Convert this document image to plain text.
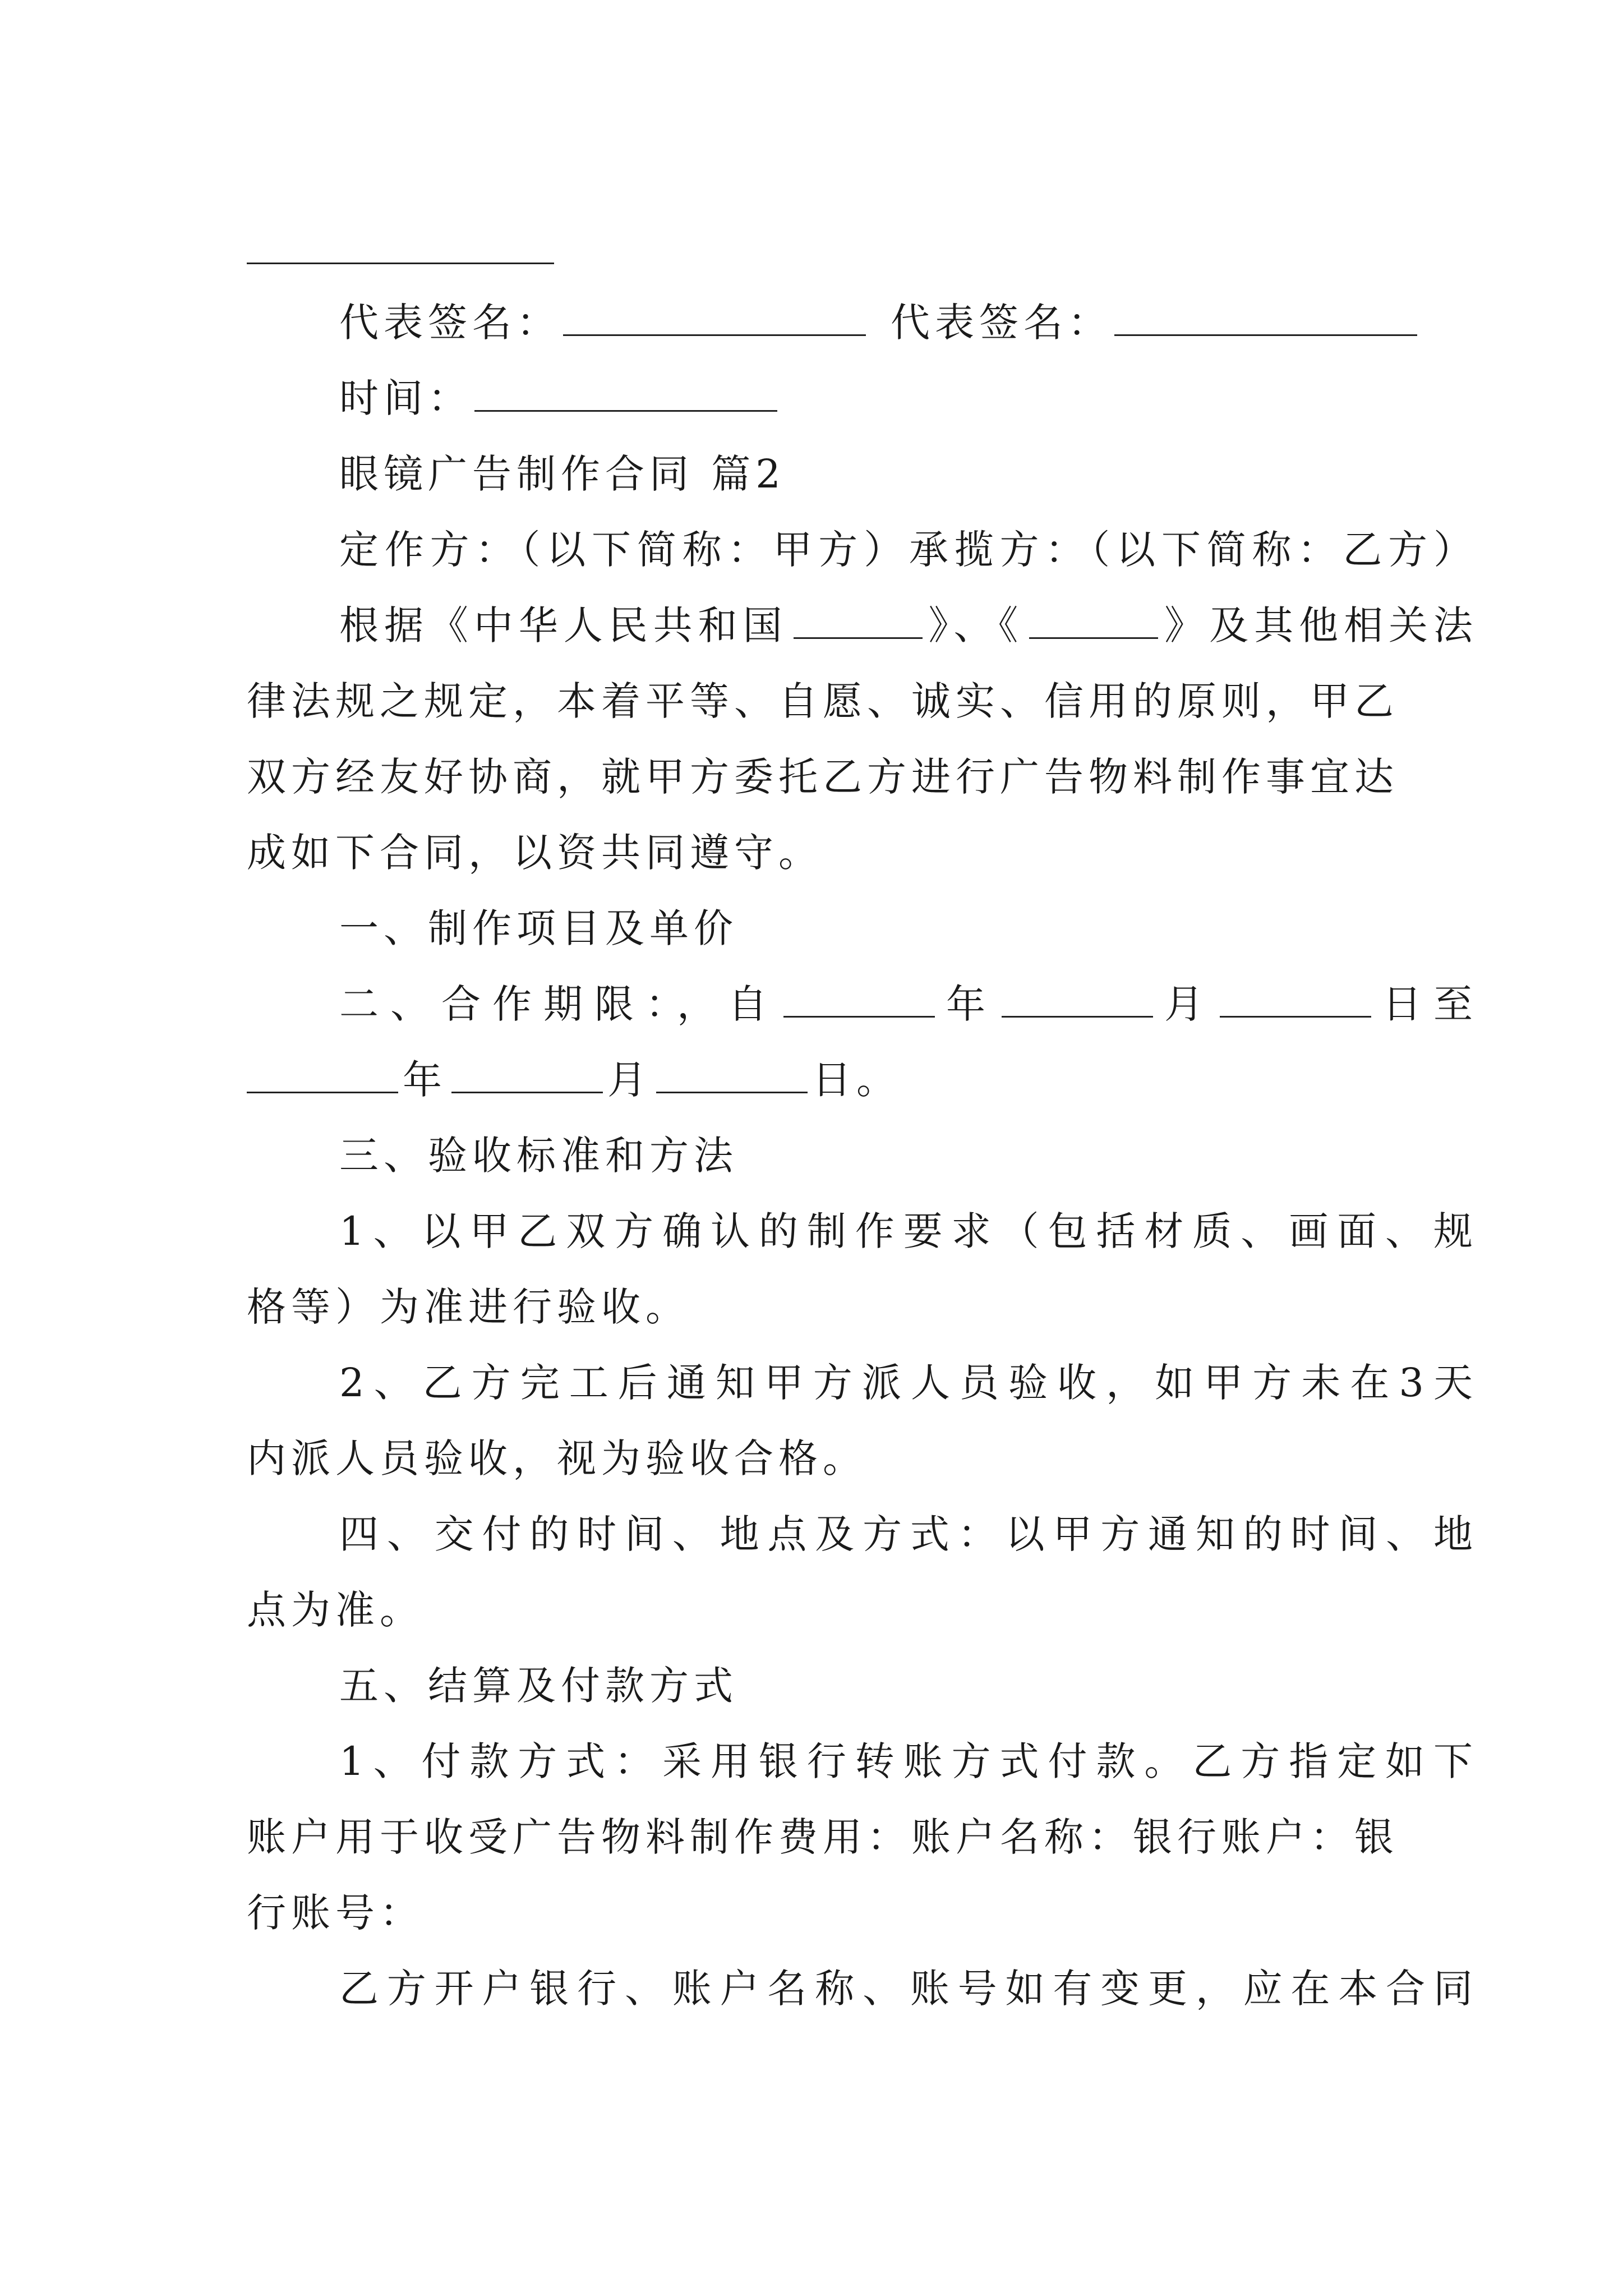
代表签名：	代表签名：
时间：
眼镜广告制作合同 篇2
定作方：（以下简称：甲方）承揽方：（以下简称：乙方）
根据《中华人民共和国	》、《	》及其他相关法
律法规之规定，本着平等、自愿、诚实、信用的原则，甲乙
双方经友好协商，就甲方委托乙方进行广告物料制作事宜达
成如下合同，以资共同遵守。
一、制作项目及单价
二、合作期限：，自	年	月	日至
年	月	日。
三、验收标准和方法
1、以甲乙双方确认的制作要求（包括材质、画面、规
格等）为准进行验收。
2、乙方完工后通知甲方派人员验收，如甲方未在3天
内派人员验收，视为验收合格。
四、交付的时间、地点及方式：以甲方通知的时间、地
点为准。
五、结算及付款方式
1、付款方式：采用银行转账方式付款。乙方指定如下
账户用于收受广告物料制作费用：账户名称：银行账户：银
行账号：
乙方开户银行、账户名称、账号如有变更，应在本合同
